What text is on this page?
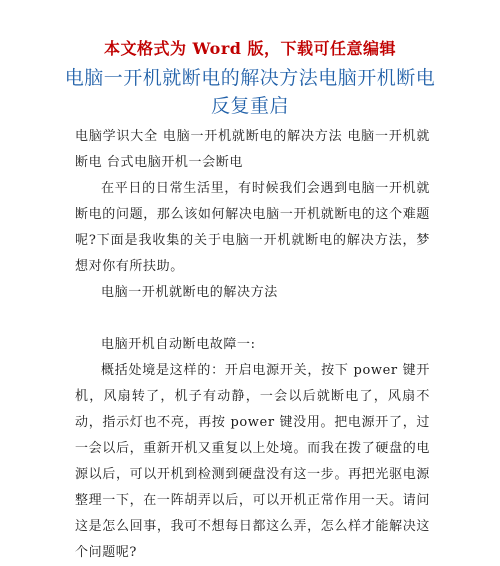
本文格式为 Word 版，下载可任意编辑
电脑一开机就断电的解决方法电脑开机断电反复重启

电脑学识大全 电脑一开机就断电的解决方法 电脑一开机就断电 台式电脑开机一会断电

在平日的日常生活里，有时候我们会遇到电脑一开机就断电的问题，那么该如何解决电脑一开机就断电的这个难题呢?下面是我收集的关于电脑一开机就断电的解决方法，梦想对你有所扶助。

电脑一开机就断电的解决方法

电脑开机自动断电故障一:

概括处境是这样的：开启电源开关，按下 power 键开机，风扇转了，机子有动静，一会以后就断电了，风扇不动，指示灯也不亮，再按 power 键没用。把电源开了，过一会以后，重新开机又重复以上处境。而我在拨了硬盘的电源以后，可以开机到检测到硬盘没有这一步。再把光驱电源整理一下，在一阵胡弄以后，可以开机正常作用一天。请问这是怎么回事，我可不想每日都这么弄，怎么样才能解决这个问题呢?
